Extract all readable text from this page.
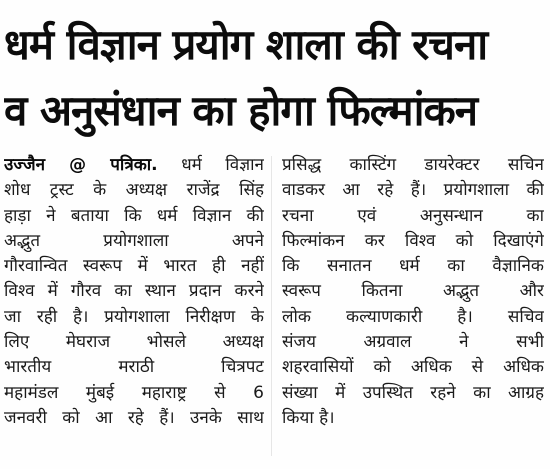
धर्म विज्ञान प्रयोग शाला की रचना
व अनुसंधान का होगा फिल्मांकन
उज्जैन @ पत्रिका. धर्म विज्ञान
शोध ट्रस्ट के अध्यक्ष राजेंद्र सिंह
हाड़ा ने बताया कि धर्म विज्ञान की
अद्भुत प्रयोगशाला अपने
गौरवान्वित स्वरूप में भारत ही नहीं
विश्व में गौरव का स्थान प्रदान करने
जा रही है। प्रयोगशाला निरीक्षण के
लिए मेघराज भोसले अध्यक्ष
भारतीय मराठी चित्रपट
महामंडल मुंबई महाराष्ट्र से 6
जनवरी को आ रहे हैं। उनके साथ
प्रसिद्ध कास्टिंग डायरेक्टर सचिन
वाडकर आ रहे हैं। प्रयोगशाला की
रचना एवं अनुसन्धान का
फिल्मांकन कर विश्व को दिखाएंगे
कि सनातन धर्म का वैज्ञानिक
स्वरूप कितना अद्भुत और
लोक कल्याणकारी है। सचिव
संजय अग्रवाल ने सभी
शहरवासियों को अधिक से अधिक
संख्या में उपस्थित रहने का आग्रह
किया है।
